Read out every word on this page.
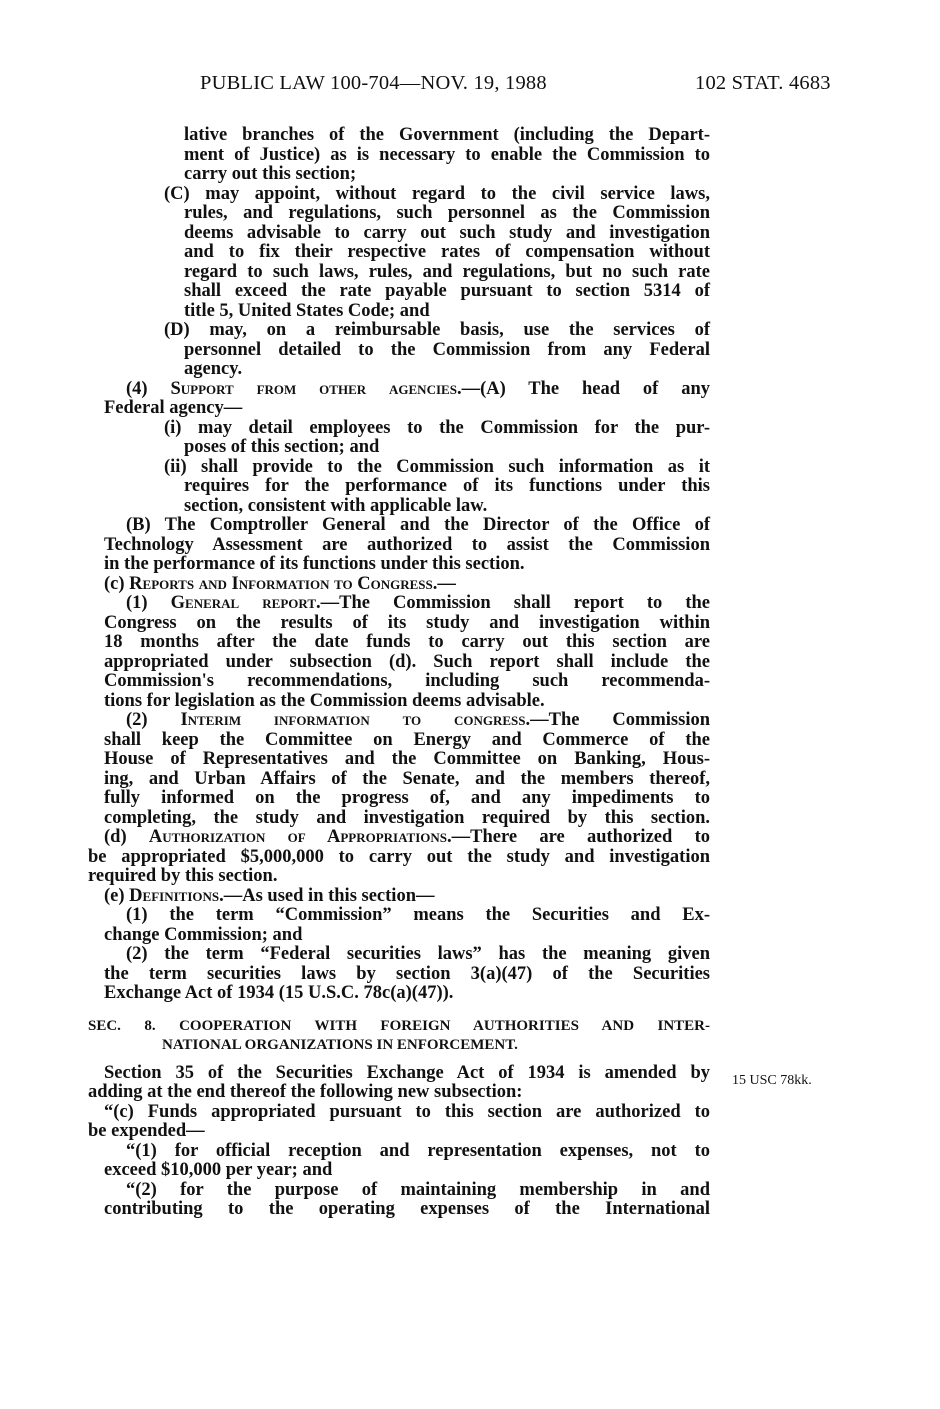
PUBLIC LAW 100-704—NOV. 19, 1988	102 STAT. 4683
lative branches of the Government (including the Depart-
ment of Justice) as is necessary to enable the Commission to
carry out this section;
(C) may appoint, without regard to the civil service laws,
rules, and regulations, such personnel as the Commission
deems advisable to carry out such study and investigation
and to fix their respective rates of compensation without
regard to such laws, rules, and regulations, but no such rate
shall exceed the rate payable pursuant to section 5314 of
title 5, United States Code; and
(D) may, on a reimbursable basis, use the services of
personnel detailed to the Commission from any Federal
agency.
(4) Support from other agencies.—(A) The head of any
Federal agency—
(i) may detail employees to the Commission for the pur-
poses of this section; and
(ii) shall provide to the Commission such information as it
requires for the performance of its functions under this
section, consistent with applicable law.
(B) The Comptroller General and the Director of the Office of
Technology Assessment are authorized to assist the Commission
in the performance of its functions under this section.
(c) Reports and Information to Congress.—
(1) General report.—The Commission shall report to the
Congress on the results of its study and investigation within
18 months after the date funds to carry out this section are
appropriated under subsection (d). Such report shall include the
Commission's recommendations, including such recommenda-
tions for legislation as the Commission deems advisable.
(2) Interim information to congress.—The Commission
shall keep the Committee on Energy and Commerce of the
House of Representatives and the Committee on Banking, Hous-
ing, and Urban Affairs of the Senate, and the members thereof,
fully informed on the progress of, and any impediments to
completing, the study and investigation required by this section.
(d) Authorization of Appropriations.—There are authorized to
be appropriated $5,000,000 to carry out the study and investigation
required by this section.
(e) Definitions.—As used in this section—
(1) the term “Commission” means the Securities and Ex-
change Commission; and
(2) the term “Federal securities laws” has the meaning given
the term securities laws by section 3(a)(47) of the Securities
Exchange Act of 1934 (15 U.S.C. 78c(a)(47)).
SEC. 8. COOPERATION WITH FOREIGN AUTHORITIES AND INTER-
NATIONAL ORGANIZATIONS IN ENFORCEMENT.
Section 35 of the Securities Exchange Act of 1934 is amended by
adding at the end thereof the following new subsection:
“(c) Funds appropriated pursuant to this section are authorized to
be expended—
“(1) for official reception and representation expenses, not to
exceed $10,000 per year; and
“(2) for the purpose of maintaining membership in and
contributing to the operating expenses of the International
15 USC 78kk.
